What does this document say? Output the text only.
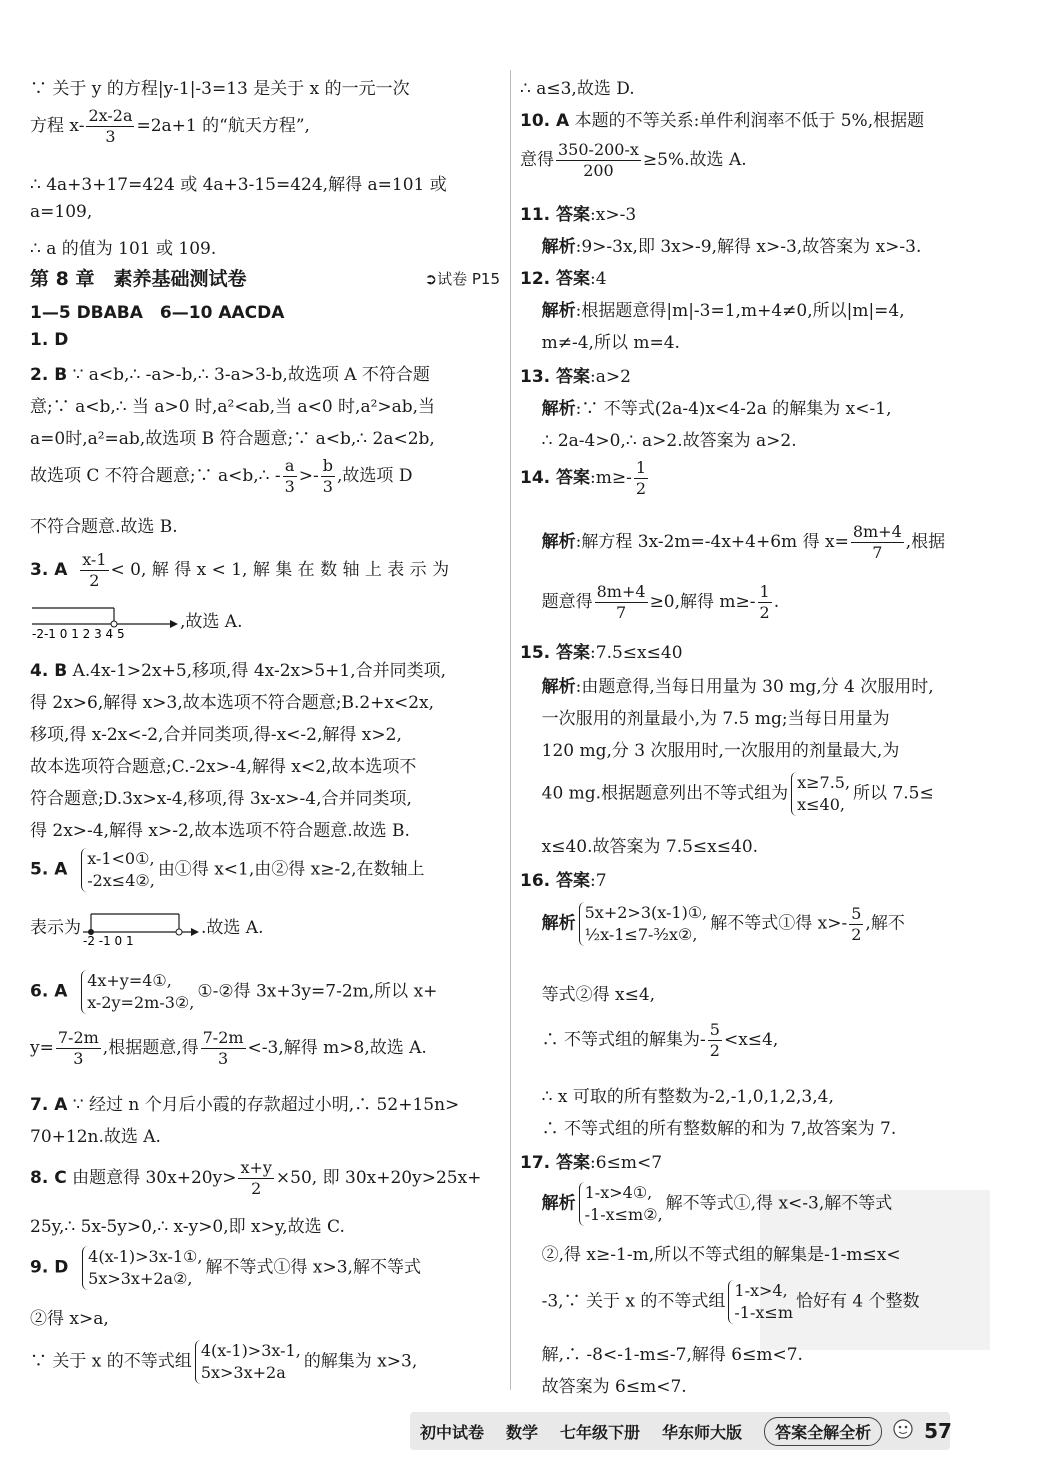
∵ 关于 y 的方程|y-1|-3=13 是关于 x 的一元一次
方程 $x- \frac{2x-2a}{3} =2a+1$ 的“航天方程”,
∴ 4a+3+17=424 或 4a+3-15=424,解得 a=101 或
a=109,
∴ a 的值为 101 或 109.
第 8 章　素养基础测试卷	➲试卷 P15
1—5 DBABA　6—10 AACDA
1. D
2. B ∵ a<b,∴ -a>-b,∴ 3-a>3-b,故选项 A 不符合题
意;∵ a<b,∴ 当 a>0 时,a²<ab,当 a<0 时,a²>ab,当
a=0时,a²=ab,故选项 B 符合题意;∵ a<b,∴ 2a<2b,
故选项 C 不符合题意;∵ a<b,∴ - $\frac{a}{3} >- \frac{b}{3}$ ,故选项 D
不符合题意.故选 B.
3. A $\frac{x-1}{2} < 0$, 解 得 x < 1, 解 集 在 数 轴 上 表 示 为
-2-1 0 1 2 3 4 5
,故选 A.
4. B A.4x-1>2x+5,移项,得 4x-2x>5+1,合并同类项,
得 2x>6,解得 x>3,故本选项不符合题意;B.2+x<2x,
移项,得 x-2x<-2,合并同类项,得-x<-2,解得 x>2,
故本选项符合题意;C.-2x>-4,解得 x<2,故本选项不
符合题意;D.3x>x-4,移项,得 3x-x>-4,合并同类项,
得 2x>-4,解得 x>-2,故本选项不符合题意.故选 B.
5. A
x-1<0①,
-2x≤4②,
由①得 x<1,由②得 x≥-2,在数轴上
表示为
-2 -1 0 1
.故选 A.
6. A
4x+y=4①,
x-2y=2m-3②,
①-②得 3x+3y=7-2m,所以 x+
$y= \frac{7-2m}{3}$ ,根据题意,得 $\frac{7-2m}{3} <-3$,解得 m>8,故选 A.
7. A ∵ 经过 n 个月后小霞的存款超过小明,∴ 52+15n>
70+12n.故选 A.
8. C 由题意得 $30x+20y> \frac{x+y}{2} \times 50$, 即 30x+20y>25x+
25y,∴ 5x-5y>0,∴ x-y>0,即 x>y,故选 C.
9. D
4(x-1)>3x-1①,
5x>3x+2a②,
解不等式①得 x>3,解不等式
②得 x>a,
∵ 关于 x 的不等式组
4(x-1)>3x-1,
5x>3x+2a
的解集为 x>3,
∴ a≤3,故选 D.
10. A 本题的不等关系:单件利润率不低于 5%,根据题
意得 $\frac{350-200-x}{200} \ge 5\%$.故选 A.
11. 答案:x>-3
解析:9>-3x,即 3x>-9,解得 x>-3,故答案为 x>-3.
12. 答案:4
解析:根据题意得|m|-3=1,m+4≠0,所以|m|=4,
m≠-4,所以 m=4.
13. 答案:a>2
解析:∵ 不等式(2a-4)x<4-2a 的解集为 x<-1,
∴ 2a-4>0,∴ a>2.故答案为 a>2.
14. 答案:m≥- $\frac{1}{2}$
解析:解方程 3x-2m=-4x+4+6m 得 $x= \frac{8m+4}{7}$ ,根据
题意得 $\frac{8m+4}{7} \ge 0$,解得 $m\ge- \frac{1}{2}$ .
15. 答案:7.5≤x≤40
解析:由题意得,当每日用量为 30 mg,分 4 次服用时,
一次服用的剂量最小,为 7.5 mg;当每日用量为
120 mg,分 3 次服用时,一次服用的剂量最大,为
40 mg.根据题意列出不等式组为
x≥7.5,
x≤40,
所以 7.5≤
x≤40.故答案为 7.5≤x≤40.
16. 答案:7
解析
5x+2>3(x-1)①,
½x-1≤7-³⁄₂x②,
解不等式①得 $x>- \frac{5}{2}$ ,解不
等式②得 x≤4,
∴ 不等式组的解集为- $\frac{5}{2} <x\le 4$,
∴ x 可取的所有整数为-2,-1,0,1,2,3,4,
∴ 不等式组的所有整数解的和为 7,故答案为 7.
17. 答案:6≤m<7
解析
1-x>4①,
-1-x≤m②,
解不等式①,得 x<-3,解不等式
②,得 x≥-1-m,所以不等式组的解集是-1-m≤x<
-3,∵ 关于 x 的不等式组
1-x>4,
-1-x≤m
恰好有 4 个整数
解,∴ -8<-1-m≤-7,解得 6≤m<7.
故答案为 6≤m<7.
初中试卷 数学 七年级下册 华东师大版	答案全解全析	57
